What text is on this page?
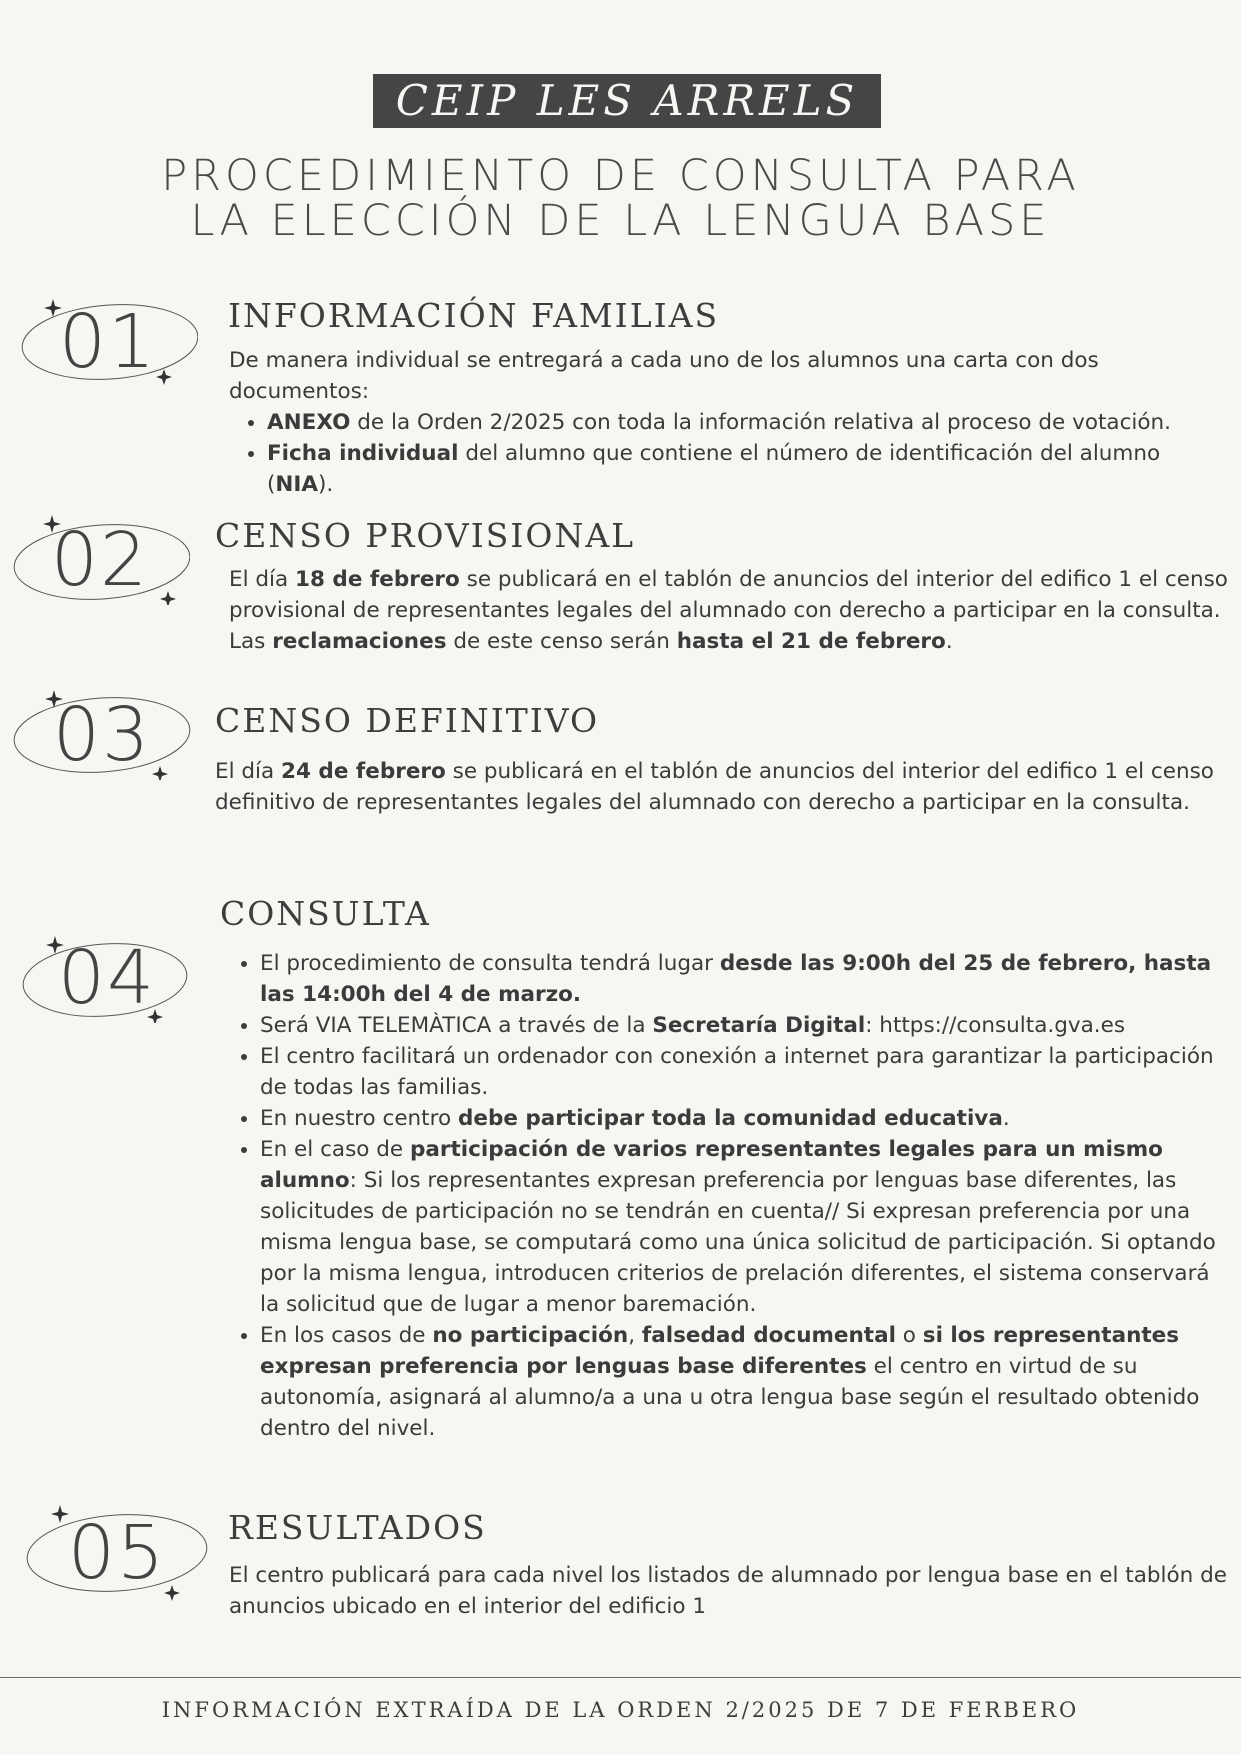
CEIP LES ARRELS
PROCEDIMIENTO DE CONSULTA PARA
LA ELECCIÓN DE LA LENGUA BASE
01	INFORMACIÓN FAMILIAS

De manera individual se entregará a cada uno de los alumnos una carta con dos documentos:

• ANEXO de la Orden 2/2025 con toda la información relativa al proceso de votación.
• Ficha individual del alumno que contiene el número de identificación del alumno (NIA).
02	CENSO PROVISIONAL

El día 18 de febrero se publicará en el tablón de anuncios del interior del edifico 1 el censo provisional de representantes legales del alumnado con derecho a participar en la consulta. Las reclamaciones de este censo serán hasta el 21 de febrero.

03	CENSO DEFINITIVO

El día 24 de febrero se publicará en el tablón de anuncios del interior del edifico 1 el censo definitivo de representantes legales del alumnado con derecho a participar en la consulta.

04
CONSULTA
• El procedimiento de consulta tendrá lugar desde las 9:00h del 25 de febrero, hasta las 14:00h del 4 de marzo.
• Será VIA TELEMÀTICA a través de la Secretaría Digital: https://consulta.gva.es
• El centro facilitará un ordenador con conexión a internet para garantizar la participación de todas las familias.
• En nuestro centro debe participar toda la comunidad educativa.
• En el caso de participación de varios representantes legales para un mismo alumno: Si los representantes expresan preferencia por lenguas base diferentes, las solicitudes de participación no se tendrán en cuenta// Si expresan preferencia por una misma lengua base, se computará como una única solicitud de participación. Si optando por la misma lengua, introducen criterios de prelación diferentes, el sistema conservará la solicitud que de lugar a menor baremación.
• En los casos de no participación, falsedad documental o si los representantes expresan preferencia por lenguas base diferentes el centro en virtud de su autonomía, asignará al alumno/a a una u otra lengua base según el resultado obtenido dentro del nivel.
05	RESULTADOS

El centro publicará para cada nivel los listados de alumnado por lengua base en el tablón de anuncios ubicado en el interior del edificio 1

INFORMACIÓN EXTRAÍDA DE LA ORDEN 2/2025 DE 7 DE FERBERO
